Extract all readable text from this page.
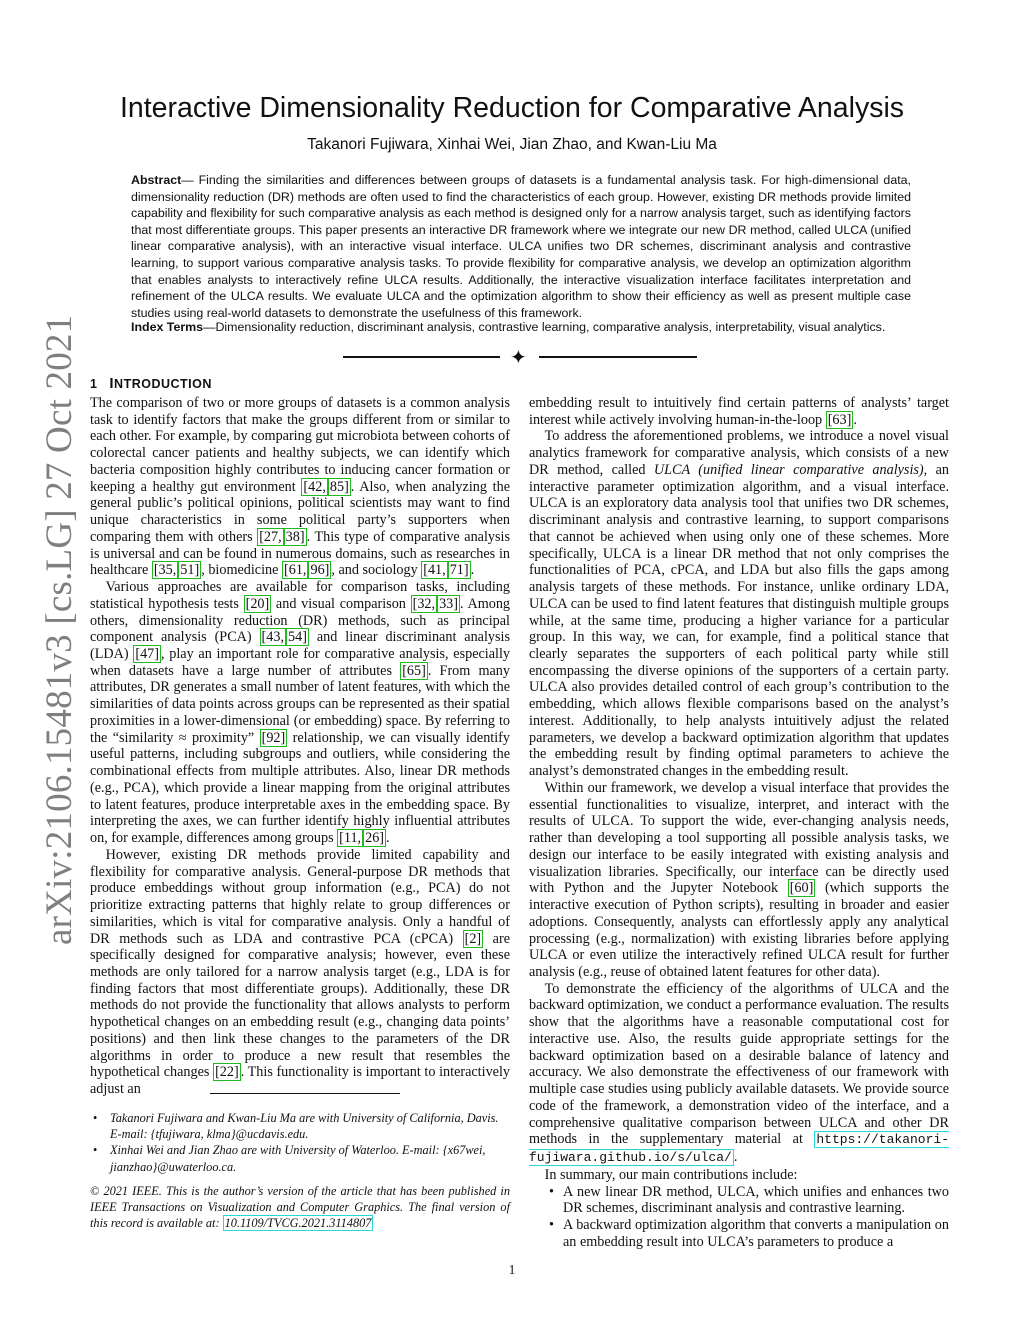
arXiv:2106.15481v3 [cs.LG] 27 Oct 2021
Interactive Dimensionality Reduction for Comparative Analysis
Takanori Fujiwara, Xinhai Wei, Jian Zhao, and Kwan-Liu Ma
Abstract— Finding the similarities and differences between groups of datasets is a fundamental analysis task. For high-dimensional data, dimensionality reduction (DR) methods are often used to find the characteristics of each group. However, existing DR methods provide limited capability and flexibility for such comparative analysis as each method is designed only for a narrow analysis target, such as identifying factors that most differentiate groups. This paper presents an interactive DR framework where we integrate our new DR method, called ULCA (unified linear comparative analysis), with an interactive visual interface. ULCA unifies two DR schemes, discriminant analysis and contrastive learning, to support various comparative analysis tasks. To provide flexibility for comparative analysis, we develop an optimization algorithm that enables analysts to interactively refine ULCA results. Additionally, the interactive visualization interface facilitates interpretation and refinement of the ULCA results. We evaluate ULCA and the optimization algorithm to show their efficiency as well as present multiple case studies using real-world datasets to demonstrate the usefulness of this framework.
Index Terms—Dimensionality reduction, discriminant analysis, contrastive learning, comparative analysis, interpretability, visual analytics.
✦
1 INTRODUCTION

The comparison of two or more groups of datasets is a common analysis task to identify factors that make the groups different from or similar to each other. For example, by comparing gut microbiota between cohorts of colorectal cancer patients and healthy subjects, we can identify which bacteria composition highly contributes to inducing cancer formation or keeping a healthy gut environment [42, 85] . Also, when analyzing the general public’s political opinions, political scientists may want to find unique characteristics in some political party’s supporters when comparing them with others [27, 38] . This type of comparative analysis is universal and can be found in numerous domains, such as researches in healthcare [35, 51] , biomedicine [61, 96] , and sociology [41, 71] .

Various approaches are available for comparison tasks, including statistical hypothesis tests [20] and visual comparison [32, 33] . Among others, dimensionality reduction (DR) methods, such as principal component analysis (PCA) [43, 54] and linear discriminant analysis (LDA) [47] , play an important role for comparative analysis, especially when datasets have a large number of attributes [65] . From many attributes, DR generates a small number of latent features, with which the similarities of data points across groups can be represented as their spatial proximities in a lower-dimensional (or embedding) space. By referring to the “similarity ≈ proximity” [92] relationship, we can visually identify useful patterns, including subgroups and outliers, while considering the combinational effects from multiple attributes. Also, linear DR methods (e.g., PCA), which provide a linear mapping from the original attributes to latent features, produce interpretable axes in the embedding space. By interpreting the axes, we can further identify highly influential attributes on, for example, differences among groups [11, 26] .

However, existing DR methods provide limited capability and flexibility for comparative analysis. General-purpose DR methods that produce embeddings without group information (e.g., PCA) do not prioritize extracting patterns that highly relate to group differences or similarities, which is vital for comparative analysis. Only a handful of DR methods such as LDA and contrastive PCA (cPCA) [2] are specifically designed for comparative analysis; however, even these methods are only tailored for a narrow analysis target (e.g., LDA is for finding factors that most differentiate groups). Additionally, these DR methods do not provide the functionality that allows analysts to perform hypothetical changes on an embedding result (e.g., changing data points’ positions) and then link these changes to the parameters of the DR algorithms in order to produce a new result that resembles the hypothetical changes [22] . This functionality is important to interactively adjust an

• Takanori Fujiwara and Kwan-Liu Ma are with University of California, Davis. E-mail: {tfujiwara, klma}@ucdavis.edu.
• Xinhai Wei and Jian Zhao are with University of Waterloo. E-mail: {x67wei, jianzhao}@uwaterloo.ca.
© 2021 IEEE. This is the author’s version of the article that has been published in IEEE Transactions on Visualization and Computer Graphics. The final version of this record is available at: 10.1109/TVCG.2021.3114807

embedding result to intuitively find certain patterns of analysts’ target interest while actively involving human-in-the-loop [63] .

To address the aforementioned problems, we introduce a novel visual analytics framework for comparative analysis, which consists of a new DR method, called ULCA (unified linear comparative analysis), an interactive parameter optimization algorithm, and a visual interface. ULCA is an exploratory data analysis tool that unifies two DR schemes, discriminant analysis and contrastive learning, to support comparisons that cannot be achieved when using only one of these schemes. More specifically, ULCA is a linear DR method that not only comprises the functionalities of PCA, cPCA, and LDA but also fills the gaps among analysis targets of these methods. For instance, unlike ordinary LDA, ULCA can be used to find latent features that distinguish multiple groups while, at the same time, producing a higher variance for a particular group. In this way, we can, for example, find a political stance that clearly separates the supporters of each political party while still encompassing the diverse opinions of the supporters of a certain party. ULCA also provides detailed control of each group’s contribution to the embedding, which allows flexible comparisons based on the analyst’s interest. Additionally, to help analysts intuitively adjust the related parameters, we develop a backward optimization algorithm that updates the embedding result by finding optimal parameters to achieve the analyst’s demonstrated changes in the embedding result.

Within our framework, we develop a visual interface that provides the essential functionalities to visualize, interpret, and interact with the results of ULCA. To support the wide, ever-changing analysis needs, rather than developing a tool supporting all possible analysis tasks, we design our interface to be easily integrated with existing analysis and visualization libraries. Specifically, our interface can be directly used with Python and the Jupyter Notebook [60] (which supports the interactive execution of Python scripts), resulting in broader and easier adoptions. Consequently, analysts can effortlessly apply any analytical processing (e.g., normalization) with existing libraries before applying ULCA or even utilize the interactively refined ULCA result for further analysis (e.g., reuse of obtained latent features for other data).

To demonstrate the efficiency of the algorithms of ULCA and the backward optimization, we conduct a performance evaluation. The results show that the algorithms have a reasonable computational cost for interactive use. Also, the results guide appropriate settings for the backward optimization based on a desirable balance of latency and accuracy. We also demonstrate the effectiveness of our framework with multiple case studies using publicly available datasets. We provide source code of the framework, a demonstration video of the interface, and a comprehensive qualitative comparison between ULCA and other DR methods in the supplementary material at https://takanori-fujiwara.github.io/s/ulca/ .

In summary, our main contributions include:

• A new linear DR method, ULCA, which unifies and enhances two DR schemes, discriminant analysis and contrastive learning.
• A backward optimization algorithm that converts a manipulation on an embedding result into ULCA’s parameters to produce a
1
